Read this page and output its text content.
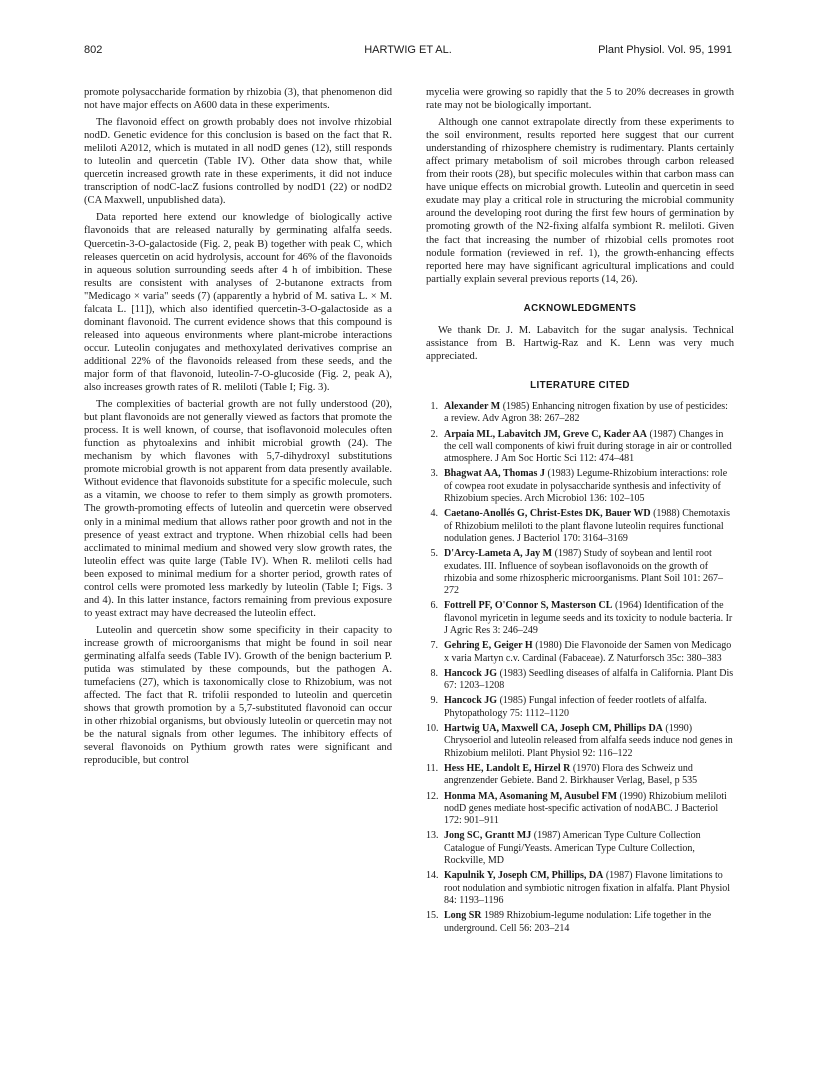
802	HARTWIG ET AL.	Plant Physiol. Vol. 95, 1991

promote polysaccharide formation by rhizobia (3), that phenomenon did not have major effects on A600 data in these experiments.

The flavonoid effect on growth probably does not involve rhizobial nodD. Genetic evidence for this conclusion is based on the fact that R. meliloti A2012, which is mutated in all nodD genes (12), still responds to luteolin and quercetin (Table IV). Other data show that, while quercetin increased growth rate in these experiments, it did not induce transcription of nodC-lacZ fusions controlled by nodD1 (22) or nodD2 (CA Maxwell, unpublished data).

Data reported here extend our knowledge of biologically active flavonoids that are released naturally by germinating alfalfa seeds. Quercetin-3-O-galactoside (Fig. 2, peak B) together with peak C, which releases quercetin on acid hydrolysis, account for 46% of the flavonoids in aqueous solution surrounding seeds after 4 h of imbibition. These results are consistent with analyses of 2-butanone extracts from "Medicago × varia" seeds (7) (apparently a hybrid of M. sativa L. × M. falcata L. [11]), which also identified quercetin-3-O-galactoside as a dominant flavonoid. The current evidence shows that this compound is released into aqueous environments where plant-microbe interactions occur. Luteolin conjugates and methoxylated derivatives comprise an additional 22% of the flavonoids released from these seeds, and the major form of that flavonoid, luteolin-7-O-glucoside (Fig. 2, peak A), also increases growth rates of R. meliloti (Table I; Fig. 3).

The complexities of bacterial growth are not fully understood (20), but plant flavonoids are not generally viewed as factors that promote the process. It is well known, of course, that isoflavonoid molecules often function as phytoalexins and inhibit microbial growth (24). The mechanism by which flavones with 5,7-dihydroxyl substitutions promote microbial growth is not apparent from data presently available. Without evidence that flavonoids substitute for a specific molecule, such as a vitamin, we choose to refer to them simply as growth promoters. The growth-promoting effects of luteolin and quercetin were observed only in a minimal medium that allows rather poor growth and not in the presence of yeast extract and tryptone. When rhizobial cells had been acclimated to minimal medium and showed very slow growth rates, the luteolin effect was quite large (Table IV). When R. meliloti cells had been exposed to minimal medium for a shorter period, growth rates of control cells were promoted less markedly by luteolin (Table I; Figs. 3 and 4). In this latter instance, factors remaining from previous exposure to yeast extract may have decreased the luteolin effect.

Luteolin and quercetin show some specificity in their capacity to increase growth of microorganisms that might be found in soil near germinating alfalfa seeds (Table IV). Growth of the benign bacterium P. putida was stimulated by these compounds, but the pathogen A. tumefaciens (27), which is taxonomically close to Rhizobium, was not affected. The fact that R. trifolii responded to luteolin and quercetin shows that growth promotion by a 5,7-substituted flavonoid can occur in other rhizobial organisms, but obviously luteolin or quercetin may not be the natural signals from other legumes. The inhibitory effects of several flavonoids on Pythium growth rates were significant and reproducible, but control

mycelia were growing so rapidly that the 5 to 20% decreases in growth rate may not be biologically important.

Although one cannot extrapolate directly from these experiments to the soil environment, results reported here suggest that our current understanding of rhizosphere chemistry is rudimentary. Plants certainly affect primary metabolism of soil microbes through carbon released from their roots (28), but specific molecules within that carbon mass can have unique effects on microbial growth. Luteolin and quercetin in seed exudate may play a critical role in structuring the microbial community around the developing root during the first few hours of germination by promoting growth of the N2-fixing alfalfa symbiont R. meliloti. Given the fact that increasing the number of rhizobial cells promotes root nodule formation (reviewed in ref. 1), the growth-enhancing effects reported here may have significant agricultural implications and could partially explain several previous reports (14, 26).

ACKNOWLEDGMENTS

We thank Dr. J. M. Labavitch for the sugar analysis. Technical assistance from B. Hartwig-Raz and K. Lenn was very much appreciated.

LITERATURE CITED
1. Alexander M (1985) Enhancing nitrogen fixation by use of pesticides: a review. Adv Agron 38: 267–282
2. Arpaia ML, Labavitch JM, Greve C, Kader AA (1987) Changes in the cell wall components of kiwi fruit during storage in air or controlled atmosphere. J Am Soc Hortic Sci 112: 474–481
3. Bhagwat AA, Thomas J (1983) Legume-Rhizobium interactions: role of cowpea root exudate in polysaccharide synthesis and infectivity of Rhizobium species. Arch Microbiol 136: 102–105
4. Caetano-Anollés G, Christ-Estes DK, Bauer WD (1988) Chemotaxis of Rhizobium meliloti to the plant flavone luteolin requires functional nodulation genes. J Bacteriol 170: 3164–3169
5. D'Arcy-Lameta A, Jay M (1987) Study of soybean and lentil root exudates. III. Influence of soybean isoflavonoids on the growth of rhizobia and some rhizospheric microorganisms. Plant Soil 101: 267–272
6. Fottrell PF, O'Connor S, Masterson CL (1964) Identification of the flavonol myricetin in legume seeds and its toxicity to nodule bacteria. Ir J Agric Res 3: 246–249
7. Gehring E, Geiger H (1980) Die Flavonoide der Samen von Medicago x varia Martyn c.v. Cardinal (Fabaceae). Z Naturforsch 35c: 380–383
8. Hancock JG (1983) Seedling diseases of alfalfa in California. Plant Dis 67: 1203–1208
9. Hancock JG (1985) Fungal infection of feeder rootlets of alfalfa. Phytopathology 75: 1112–1120
10. Hartwig UA, Maxwell CA, Joseph CM, Phillips DA (1990) Chrysoeriol and luteolin released from alfalfa seeds induce nod genes in Rhizobium meliloti. Plant Physiol 92: 116–122
11. Hess HE, Landolt E, Hirzel R (1970) Flora des Schweiz und angrenzender Gebiete. Band 2. Birkhauser Verlag, Basel, p 535
12. Honma MA, Asomaning M, Ausubel FM (1990) Rhizobium meliloti nodD genes mediate host-specific activation of nodABC. J Bacteriol 172: 901–911
13. Jong SC, Grantt MJ (1987) American Type Culture Collection Catalogue of Fungi/Yeasts. American Type Culture Collection, Rockville, MD
14. Kapulnik Y, Joseph CM, Phillips, DA (1987) Flavone limitations to root nodulation and symbiotic nitrogen fixation in alfalfa. Plant Physiol 84: 1193–1196
15. Long SR 1989 Rhizobium-legume nodulation: Life together in the underground. Cell 56: 203–214
